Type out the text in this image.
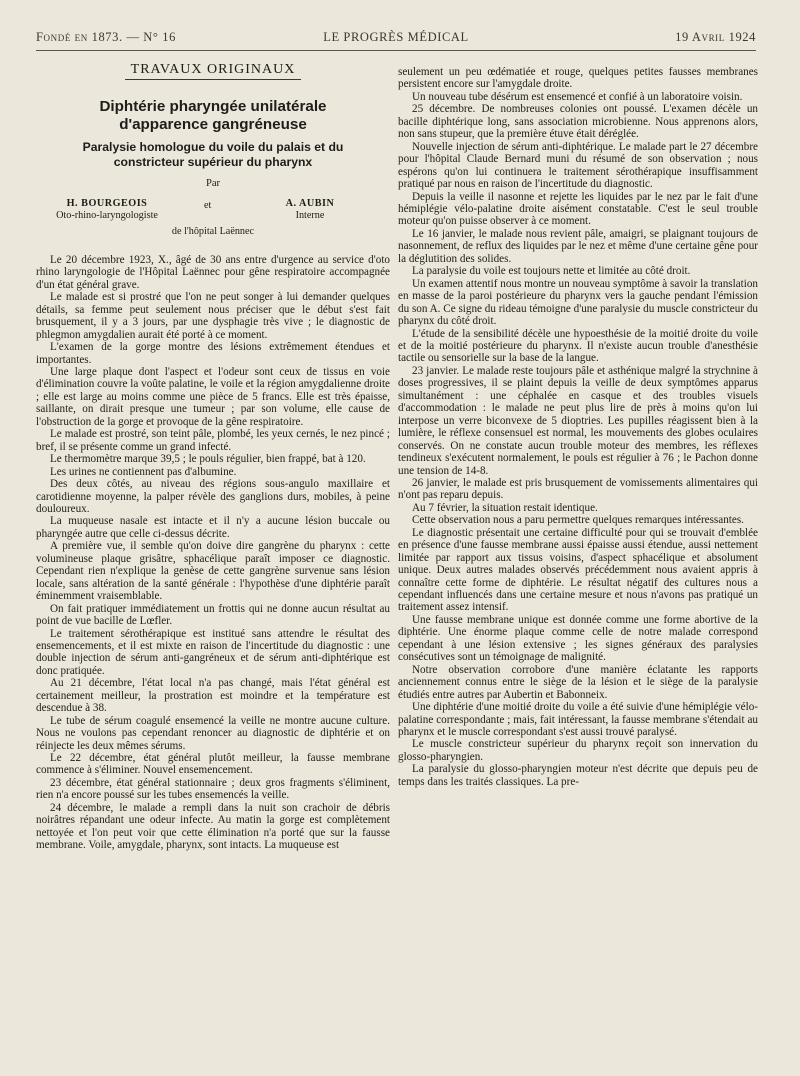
Fondé en 1873. — N° 16	LE PROGRÈS MÉDICAL	19 Avril 1924

TRAVAUX ORIGINAUX

Diphtérie pharyngée unilatérale
d'apparence gangréneuse
Paralysie homologue du voile du palais et du
constricteur supérieur du pharynx
Par
H. BOURGEOIS
Oto-rhino-laryngologiste
et	A. AUBIN
Interne
de l'hôpital Laënnec

Le 20 décembre 1923, X., âgé de 30 ans entre d'urgence au service d'oto rhino laryngologie de l'Hôpital Laënnec pour gêne respiratoire accompagnée d'un état général grave.

Le malade est si prostré que l'on ne peut songer à lui demander quelques détails, sa femme peut seulement nous préciser que le début s'est fait brusquement, il y a 3 jours, par une dysphagie très vive ; le diagnostic de phlegmon amygdalien aurait été porté à ce moment.

L'examen de la gorge montre des lésions extrêmement étendues et importantes.

Une large plaque dont l'aspect et l'odeur sont ceux de tissus en voie d'élimination couvre la voûte palatine, le voile et la région amygdalienne droite ; elle est large au moins comme une pièce de 5 francs. Elle est très épaisse, saillante, on dirait presque une tumeur ; par son volume, elle cause de l'obstruction de la gorge et provoque de la gêne respiratoire.

Le malade est prostré, son teint pâle, plombé, les yeux cernés, le nez pincé ; bref, il se présente comme un grand infecté.

Le thermomètre marque 39,5 ; le pouls régulier, bien frappé, bat à 120.

Les urines ne contiennent pas d'albumine.

Des deux côtés, au niveau des régions sous-angulo maxillaire et carotidienne moyenne, la palper révèle des ganglions durs, mobiles, à peine douloureux.

La muqueuse nasale est intacte et il n'y a aucune lésion buccale ou pharyngée autre que celle ci-dessus décrite.

A première vue, il semble qu'on doive dire gangrène du pharynx : cette volumineuse plaque grisâtre, sphacélique paraît imposer ce diagnostic. Cependant rien n'explique la genèse de cette gangrène survenue sans lésion locale, sans altération de la santé générale : l'hypothèse d'une diphtérie paraît éminemment vraisemblable.

On fait pratiquer immédiatement un frottis qui ne donne aucun résultat au point de vue bacille de Lœfler.

Le traitement sérothérapique est institué sans attendre le résultat des ensemencements, et il est mixte en raison de l'incertitude du diagnostic : une double injection de sérum anti-gangréneux et de sérum anti-diphtérique est donc pratiquée.

Au 21 décembre, l'état local n'a pas changé, mais l'état général est certainement meilleur, la prostration est moindre et la température est descendue à 38.

Le tube de sérum coagulé ensemencé la veille ne montre aucune culture. Nous ne voulons pas cependant renoncer au diagnostic de diphtérie et on réinjecte les deux mêmes sérums.

Le 22 décembre, état général plutôt meilleur, la fausse membrane commence à s'éliminer. Nouvel ensemencement.

23 décembre, état général stationnaire ; deux gros fragments s'éliminent, rien n'a encore poussé sur les tubes ensemencés la veille.

24 décembre, le malade a rempli dans la nuit son crachoir de débris noirâtres répandant une odeur infecte. Au matin la gorge est complètement nettoyée et l'on peut voir que cette élimination n'a porté que sur la fausse membrane. Voile, amygdale, pharynx, sont intacts. La muqueuse est

seulement un peu œdématiée et rouge, quelques petites fausses membranes persistent encore sur l'amygdale droite.

Un nouveau tube désérum est ensemencé et confié à un laboratoire voisin.

25 décembre. De nombreuses colonies ont poussé. L'examen décèle un bacille diphtérique long, sans association microbienne. Nous apprenons alors, non sans stupeur, que la première étuve était déréglée.

Nouvelle injection de sérum anti-diphtérique. Le malade part le 27 décembre pour l'hôpital Claude Bernard muni du résumé de son observation ; nous espérons qu'on lui continuera le traitement sérothérapique insuffisamment pratiqué par nous en raison de l'incertitude du diagnostic.

Depuis la veille il nasonne et rejette les liquides par le nez par le fait d'une hémiplégie vélo-palatine droite aisément constatable. C'est le seul trouble moteur qu'on puisse observer à ce moment.

Le 16 janvier, le malade nous revient pâle, amaigri, se plaignant toujours de nasonnement, de reflux des liquides par le nez et même d'une certaine gêne pour la déglutition des solides.

La paralysie du voile est toujours nette et limitée au côté droit.

Un examen attentif nous montre un nouveau symptôme à savoir la translation en masse de la paroi postérieure du pharynx vers la gauche pendant l'émission du son A. Ce signe du rideau témoigne d'une paralysie du muscle constricteur du pharynx du côté droit.

L'étude de la sensibilité décèle une hypoesthésie de la moitié droite du voile et de la moitié postérieure du pharynx. Il n'existe aucun trouble d'anesthésie tactile ou sensorielle sur la base de la langue.

23 janvier. Le malade reste toujours pâle et asthénique malgré la strychnine à doses progressives, il se plaint depuis la veille de deux symptômes apparus simultanément : une céphalée en casque et des troubles visuels d'accommodation : le malade ne peut plus lire de près à moins qu'on lui interpose un verre biconvexe de 5 dioptries. Les pupilles réagissent bien à la lumière, le réflexe consensuel est normal, les mouvements des globes oculaires conservés. On ne constate aucun trouble moteur des membres, les réflexes tendineux s'exécutent normalement, le pouls est régulier à 76 ; le Pachon donne une tension de 14-8.

26 janvier, le malade est pris brusquement de vomissements alimentaires qui n'ont pas reparu depuis.

Au 7 février, la situation restait identique.

Cette observation nous a paru permettre quelques remarques intéressantes.

Le diagnostic présentait une certaine difficulté pour qui se trouvait d'emblée en présence d'une fausse membrane aussi épaisse aussi étendue, aussi nettement limitée par rapport aux tissus voisins, d'aspect sphacélique et absolument unique. Deux autres malades observés précédemment nous avaient appris à connaître cette forme de diphtérie. Le résultat négatif des cultures nous a cependant influencés dans une certaine mesure et nous n'avons pas pratiqué un traitement assez intensif.

Une fausse membrane unique est donnée comme une forme abortive de la diphtérie. Une énorme plaque comme celle de notre malade correspond cependant à une lésion extensive ; les signes généraux des paralysies consécutives sont un témoignage de malignité.

Notre observation corrobore d'une manière éclatante les rapports anciennement connus entre le siège de la lésion et le siège de la paralysie étudiés entre autres par Aubertin et Babonneix.

Une diphtérie d'une moitié droite du voile a été suivie d'une hémiplégie vélo-palatine correspondante ; mais, fait intéressant, la fausse membrane s'étendait au pharynx et le muscle correspondant s'est aussi trouvé paralysé.

Le muscle constricteur supérieur du pharynx reçoit son innervation du glosso-pharyngien.

La paralysie du glosso-pharyngien moteur n'est décrite que depuis peu de temps dans les traités classiques. La pre-
